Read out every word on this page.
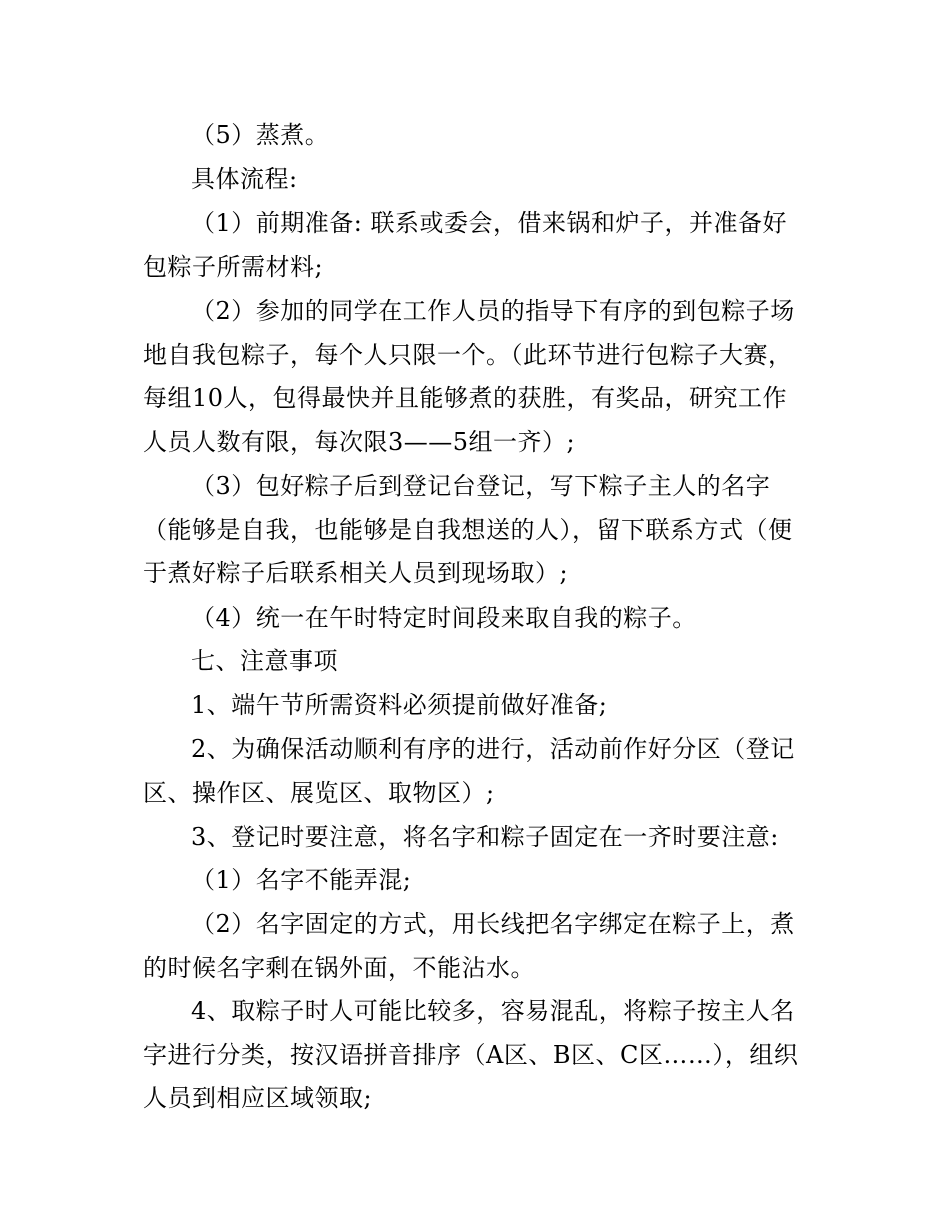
（5）蒸煮。

具体流程:

（1）前期准备: 联系或委会，借来锅和炉子，并准备好包粽子所需材料;

（2）参加的同学在工作人员的指导下有序的到包粽子场地自我包粽子，每个人只限一个。（此环节进行包粽子大赛，每组10人，包得最快并且能够煮的获胜，有奖品，研究工作人员人数有限，每次限3——5组一齐）;

（3）包好粽子后到登记台登记，写下粽子主人的名字（能够是自我，也能够是自我想送的人），留下联系方式（便于煮好粽子后联系相关人员到现场取）;

（4）统一在午时特定时间段来取自我的粽子。

七、注意事项

1、端午节所需资料必须提前做好准备;

2、为确保活动顺利有序的进行，活动前作好分区（登记区、操作区、展览区、取物区）;

3、登记时要注意，将名字和粽子固定在一齐时要注意:

（1）名字不能弄混;

（2）名字固定的方式，用长线把名字绑定在粽子上，煮的时候名字剩在锅外面，不能沾水。

4、取粽子时人可能比较多，容易混乱，将粽子按主人名字进行分类，按汉语拼音排序（A区、B区、C区……），组织人员到相应区域领取;
